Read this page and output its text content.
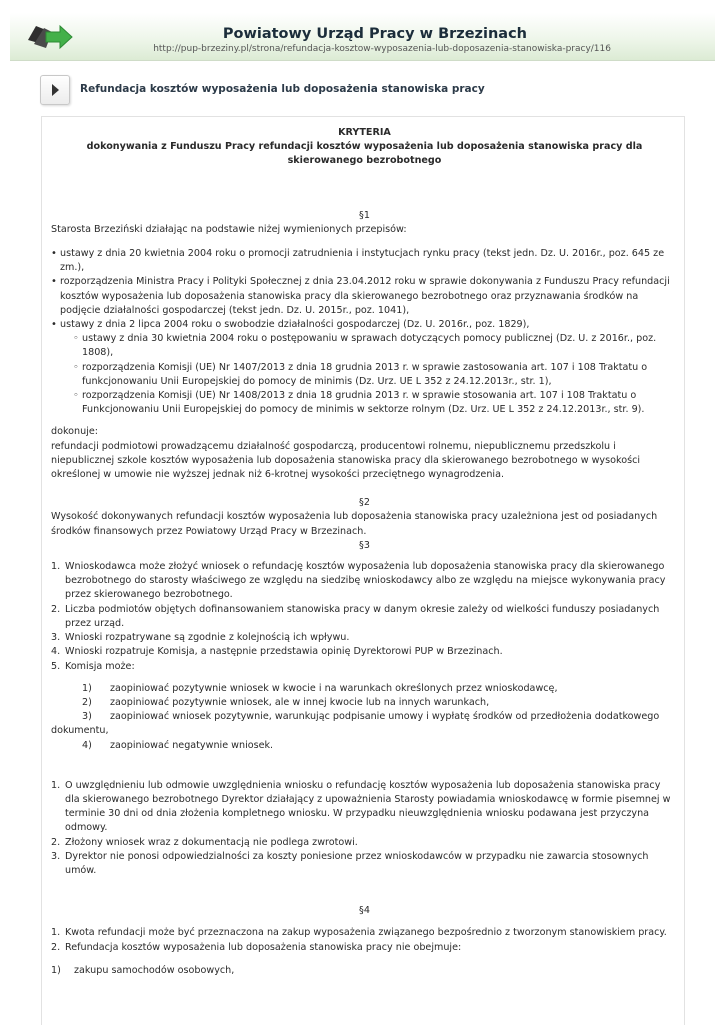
Powiatowy Urząd Pracy w Brzezinach
http://pup-brzeziny.pl/strona/refundacja-kosztow-wyposazenia-lub-doposazenia-stanowiska-pracy/116
Refundacja kosztów wyposażenia lub doposażenia stanowiska pracy

KRYTERIA

dokonywania z Funduszu Pracy refundacji kosztów wyposażenia lub doposażenia stanowiska pracy dla skierowanego bezrobotnego

§1

Starosta Brzeziński działając na podstawie niżej wymienionych przepisów:

• ustawy z dnia 20 kwietnia 2004 roku o promocji zatrudnienia i instytucjach rynku pracy (tekst jedn. Dz. U. 2016r., poz. 645 ze zm.),
• rozporządzenia Ministra Pracy i Polityki Społecznej z dnia 23.04.2012 roku w sprawie dokonywania z Funduszu Pracy refundacji kosztów wyposażenia lub doposażenia stanowiska pracy dla skierowanego bezrobotnego oraz przyznawania środków na podjęcie działalności gospodarczej (tekst jedn. Dz. U. 2015r., poz. 1041),
• ustawy z dnia 2 lipca 2004 roku o swobodzie działalności gospodarczej (Dz. U. 2016r., poz. 1829),
◦ ustawy z dnia 30 kwietnia 2004 roku o postępowaniu w sprawach dotyczących pomocy publicznej (Dz. U. z 2016r., poz. 1808),
◦ rozporządzenia Komisji (UE) Nr 1407/2013 z dnia 18 grudnia 2013 r. w sprawie zastosowania art. 107 i 108 Traktatu o funkcjonowaniu Unii Europejskiej do pomocy de minimis (Dz. Urz. UE L 352 z 24.12.2013r., str. 1),
◦ rozporządzenia Komisji (UE) Nr 1408/2013 z dnia 18 grudnia 2013 r. w sprawie stosowania art. 107 i 108 Traktatu o Funkcjonowaniu Unii Europejskiej do pomocy de minimis w sektorze rolnym (Dz. Urz. UE L 352 z 24.12.2013r., str. 9).

dokonuje:

refundacji podmiotowi prowadzącemu działalność gospodarczą, producentowi rolnemu, niepublicznemu przedszkolu i niepublicznej szkole kosztów wyposażenia lub doposażenia stanowiska pracy dla skierowanego bezrobotnego w wysokości określonej w umowie nie wyższej jednak niż 6-krotnej wysokości przeciętnego wynagrodzenia.

§2

Wysokość dokonywanych refundacji kosztów wyposażenia lub doposażenia stanowiska pracy uzależniona jest od posiadanych środków finansowych przez Powiatowy Urząd Pracy w Brzezinach.

§3

1. Wnioskodawca może złożyć wniosek o refundację kosztów wyposażenia lub doposażenia stanowiska pracy dla skierowanego bezrobotnego do starosty właściwego ze względu na siedzibę wnioskodawcy albo ze względu na miejsce wykonywania pracy przez skierowanego bezrobotnego.
2. Liczba podmiotów objętych dofinansowaniem stanowiska pracy w danym okresie zależy od wielkości funduszy posiadanych przez urząd.
3. Wnioski rozpatrywane są zgodnie z kolejnością ich wpływu.
4. Wnioski rozpatruje Komisja, a następnie przedstawia opinię Dyrektorowi PUP w Brzezinach.
5. Komisja może:

1) zaopiniować pozytywnie wniosek w kwocie i na warunkach określonych przez wnioskodawcę,

2) zaopiniować pozytywnie wniosek, ale w innej kwocie lub na innych warunkach,

3) zaopiniować wniosek pozytywnie, warunkując podpisanie umowy i wypłatę środków od przedłożenia dodatkowego dokumentu,

4) zaopiniować negatywnie wniosek.

1. O uwzględnieniu lub odmowie uwzględnienia wniosku o refundację kosztów wyposażenia lub doposażenia stanowiska pracy dla skierowanego bezrobotnego Dyrektor działający z upoważnienia Starosty powiadamia wnioskodawcę w formie pisemnej w terminie 30 dni od dnia złożenia kompletnego wniosku. W przypadku nieuwzględnienia wniosku podawana jest przyczyna odmowy.
2. Złożony wniosek wraz z dokumentacją nie podlega zwrotowi.
3. Dyrektor nie ponosi odpowiedzialności za koszty poniesione przez wnioskodawców w przypadku nie zawarcia stosownych umów.

§4

1. Kwota refundacji może być przeznaczona na zakup wyposażenia związanego bezpośrednio z tworzonym stanowiskiem pracy.
2. Refundacja kosztów wyposażenia lub doposażenia stanowiska pracy nie obejmuje:

1) zakupu samochodów osobowych,
